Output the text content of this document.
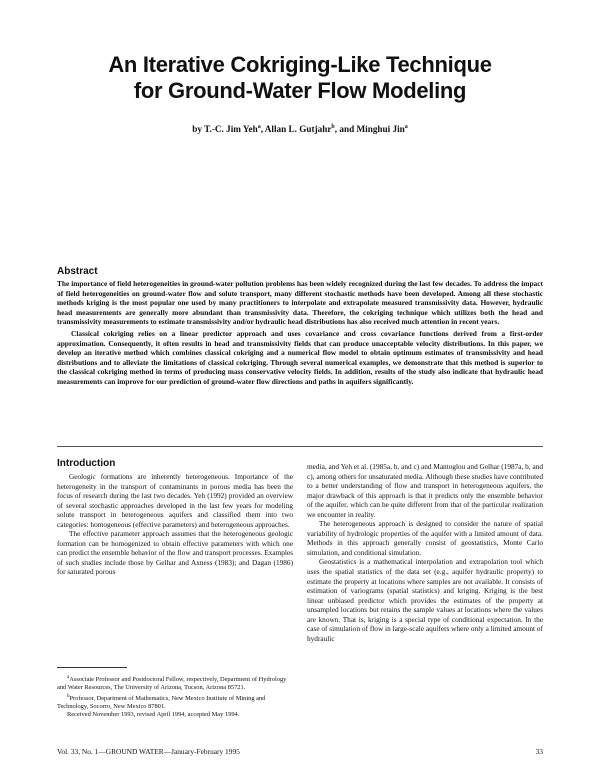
An Iterative Cokriging-Like Technique
for Ground-Water Flow Modeling
by T.-C. Jim Yeh$^a$, Allan L. Gutjahr$^b$, and Minghui Jin$^a$
Abstract

The importance of field heterogeneities in ground-water pollution problems has been widely recognized during the last few decades. To address the impact of field heterogeneities on ground-water flow and solute transport, many different stochastic methods have been developed. Among all these stochastic methods kriging is the most popular one used by many practitioners to interpolate and extrapolate measured transmissivity data. However, hydraulic head measurements are generally more abundant than transmissivity data. Therefore, the cokriging technique which utilizes both the head and transmissivity measurements to estimate transmissivity and/or hydraulic head distributions has also received much attention in recent years.

Classical cokriging relies on a linear predictor approach and uses covariance and cross covariance functions derived from a first-order approximation. Consequently, it often results in head and transmissivity fields that can produce unacceptable velocity distributions. In this paper, we develop an iterative method which combines classical cokriging and a numerical flow model to obtain optimum estimates of transmissivity and head distributions and to alleviate the limitations of classical cokriging. Through several numerical examples, we demonstrate that this method is superior to the classical cokriging method in terms of producing mass conservative velocity fields. In addition, results of the study also indicate that hydraulic head measurements can improve for our prediction of ground-water flow directions and paths in aquifers significantly.

Introduction

Geologic formations are inherently heterogeneous. Importance of the heterogeneity in the transport of contaminants in porous media has been the focus of research during the last two decades. Yeh (1992) provided an overview of several stochastic approaches developed in the last few years for modeling solute transport in heterogeneous aquifers and classified them into two categories: homogeneous (effective parameters) and heterogeneous approaches.

The effective parameter approach assumes that the heterogeneous geologic formation can be homogenized to obtain effective parameters with which one can predict the ensemble behavior of the flow and transport processes. Examples of such studies include those by Gelhar and Axness (1983); and Dagan (1986) for saturated porous

media, and Yeh et al. (1985a, b, and c) and Mantoglou and Gelhar (1987a, b, and c), among others for unsaturated media. Although these studies have contributed to a better understanding of flow and transport in heterogeneous aquifers, the major drawback of this approach is that it predicts only the ensemble behavior of the aquifer, which can be quite different from that of the particular realization we encounter in reality.

The heterogeneous approach is designed to consider the nature of spatial variability of hydrologic properties of the aquifer with a limited amount of data. Methods in this approach generally consist of geostatistics, Monte Carlo simulation, and conditional simulation.

Geostatistics is a mathematical interpolation and extrapolation tool which uses the spatial statistics of the data set (e.g., aquifer hydraulic property) to estimate the property at locations where samples are not available. It consists of estimation of variograms (spatial statistics) and kriging. Kriging is the best linear unbiased predictor which provides the estimates of the property at unsampled locations but retains the sample values at locations where the values are known. That is, kriging is a special type of conditional expectation. In the case of simulation of flow in large-scale aquifers where only a limited amount of hydraulic

$^a$Associate Professor and Postdoctoral Fellow, respectively, Department of Hydrology and Water Resources, The University of Arizona, Tucson, Arizona 85721.

$^b$Professor, Department of Mathematics, New Mexico Institute of Mining and Technology, Socorro, New Mexico 87801.

Received November 1993, revised April 1994, accepted May 1994.

Vol. 33, No. 1—GROUND WATER—January-February 1995	33
